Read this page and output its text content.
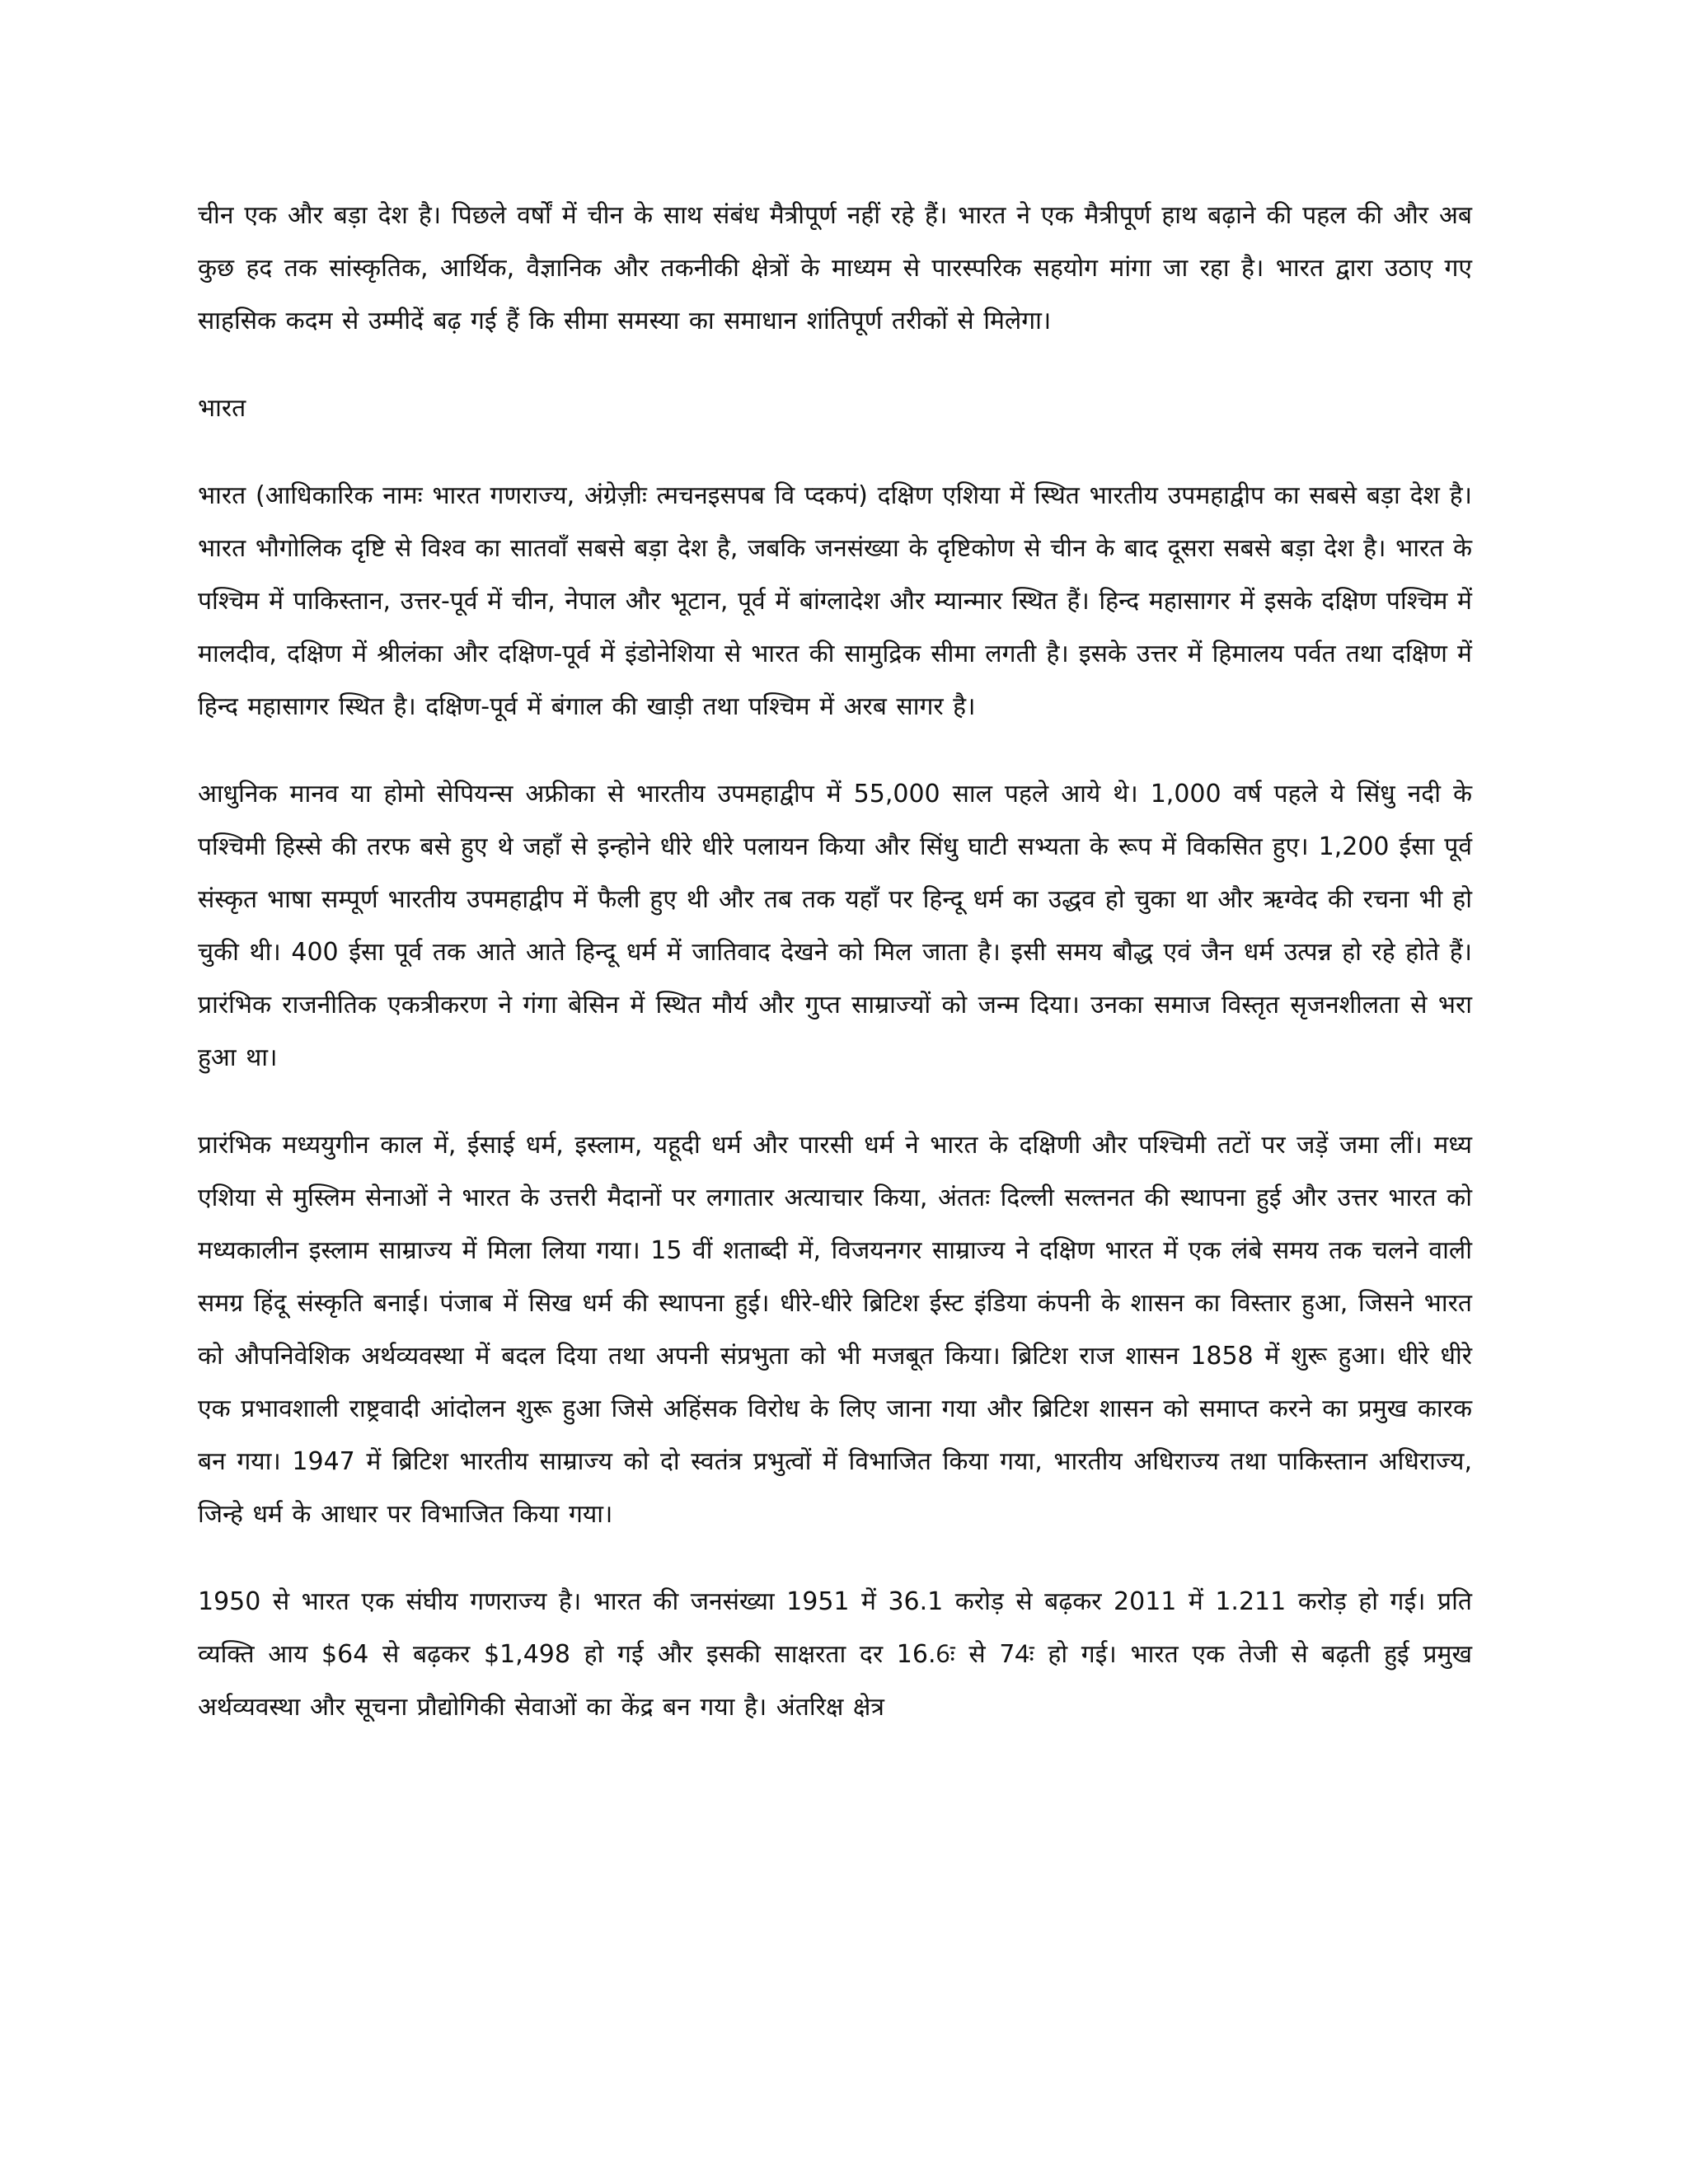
चीन एक और बड़ा देश है। पिछले वर्षों में चीन के साथ संबंध मैत्रीपूर्ण नहीं रहे हैं। भारत ने एक मैत्रीपूर्ण हाथ बढ़ाने की पहल की और अब कुछ हद तक सांस्कृतिक, आर्थिक, वैज्ञानिक और तकनीकी क्षेत्रों के माध्यम से पारस्परिक सहयोग मांगा जा रहा है। भारत द्वारा उठाए गए साहसिक कदम से उम्मीदें बढ़ गई हैं कि सीमा समस्या का समाधान शांतिपूर्ण तरीकों से मिलेगा।

भारत

भारत (आधिकारिक नामः भारत गणराज्य, अंग्रेज़ीः त्मचनइसपब वि प्दकपं) दक्षिण एशिया में स्थित भारतीय उपमहाद्वीप का सबसे बड़ा देश है। भारत भौगोलिक दृष्टि से विश्व का सातवाँ सबसे बड़ा देश है, जबकि जनसंख्या के दृष्टिकोण से चीन के बाद दूसरा सबसे बड़ा देश है। भारत के पश्चिम में पाकिस्तान, उत्तर-पूर्व में चीन, नेपाल और भूटान, पूर्व में बांग्लादेश और म्यान्मार स्थित हैं। हिन्द महासागर में इसके दक्षिण पश्चिम में मालदीव, दक्षिण में श्रीलंका और दक्षिण-पूर्व में इंडोनेशिया से भारत की सामुद्रिक सीमा लगती है। इसके उत्तर में हिमालय पर्वत तथा दक्षिण में हिन्द महासागर स्थित है। दक्षिण-पूर्व में बंगाल की खाड़ी तथा पश्चिम में अरब सागर है।

आधुनिक मानव या होमो सेपियन्स अफ्रीका से भारतीय उपमहाद्वीप में 55,000 साल पहले आये थे। 1,000 वर्ष पहले ये सिंधु नदी के पश्चिमी हिस्से की तरफ बसे हुए थे जहाँ से इन्होने धीरे धीरे पलायन किया और सिंधु घाटी सभ्यता के रूप में विकसित हुए। 1,200 ईसा पूर्व संस्कृत भाषा सम्पूर्ण भारतीय उपमहाद्वीप में फैली हुए थी और तब तक यहाँ पर हिन्दू धर्म का उद्धव हो चुका था और ऋग्वेद की रचना भी हो चुकी थी। 400 ईसा पूर्व तक आते आते हिन्दू धर्म में जातिवाद देखने को मिल जाता है। इसी समय बौद्ध एवं जैन धर्म उत्पन्न हो रहे होते हैं। प्रारंभिक राजनीतिक एकत्रीकरण ने गंगा बेसिन में स्थित मौर्य और गुप्त साम्राज्यों को जन्म दिया। उनका समाज विस्तृत सृजनशीलता से भरा हुआ था।

प्रारंभिक मध्ययुगीन काल में, ईसाई धर्म, इस्लाम, यहूदी धर्म और पारसी धर्म ने भारत के दक्षिणी और पश्चिमी तटों पर जड़ें जमा लीं। मध्य एशिया से मुस्लिम सेनाओं ने भारत के उत्तरी मैदानों पर लगातार अत्याचार किया, अंततः दिल्ली सल्तनत की स्थापना हुई और उत्तर भारत को मध्यकालीन इस्लाम साम्राज्य में मिला लिया गया। 15 वीं शताब्दी में, विजयनगर साम्राज्य ने दक्षिण भारत में एक लंबे समय तक चलने वाली समग्र हिंदू संस्कृति बनाई। पंजाब में सिख धर्म की स्थापना हुई। धीरे-धीरे ब्रिटिश ईस्ट इंडिया कंपनी के शासन का विस्तार हुआ, जिसने भारत को औपनिवेशिक अर्थव्यवस्था में बदल दिया तथा अपनी संप्रभुता को भी मजबूत किया। ब्रिटिश राज शासन 1858 में शुरू हुआ। धीरे धीरे एक प्रभावशाली राष्ट्रवादी आंदोलन शुरू हुआ जिसे अहिंसक विरोध के लिए जाना गया और ब्रिटिश शासन को समाप्त करने का प्रमुख कारक बन गया। 1947 में ब्रिटिश भारतीय साम्राज्य को दो स्वतंत्र प्रभुत्वों में विभाजित किया गया, भारतीय अधिराज्य तथा पाकिस्तान अधिराज्य, जिन्हे धर्म के आधार पर विभाजित किया गया।

1950 से भारत एक संघीय गणराज्य है। भारत की जनसंख्या 1951 में 36.1 करोड़ से बढ़कर 2011 में 1.211 करोड़ हो गई। प्रति व्यक्ति आय $64 से बढ़कर $1,498 हो गई और इसकी साक्षरता दर 16.6ः से 74ः हो गई। भारत एक तेजी से बढ़ती हुई प्रमुख अर्थव्यवस्था और सूचना प्रौद्योगिकी सेवाओं का केंद्र बन गया है। अंतरिक्ष क्षेत्र
